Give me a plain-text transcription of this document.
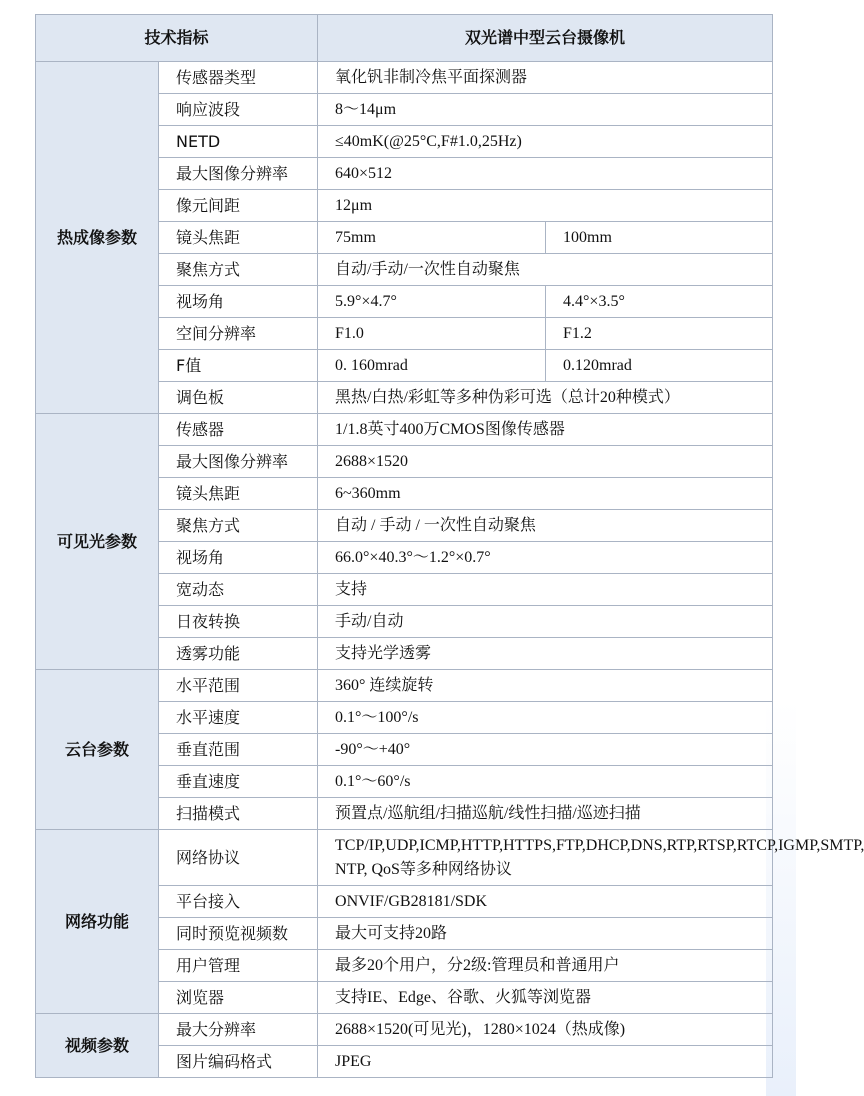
技术指标		双光谱中型云台摄像机	
热成像参数	传感器类型	氧化钒非制冷焦平面探测器	
	响应波段	8～14μm	
	NETD	≤40mK(@25°C,F#1.0,25Hz)	
	最大图像分辨率	640×512	
	像元间距	12μm	
	镜头焦距	75mm	100mm
	聚焦方式	自动/手动/一次性自动聚焦	
	视场角	5.9°×4.7°	4.4°×3.5°
	空间分辨率	F1.0	F1.2
	F值	0. 160mrad	0.120mrad
	调色板	黑热/白热/彩虹等多种伪彩可选（总计20种模式）	
可见光参数	传感器	1/1.8英寸400万CMOS图像传感器	
	最大图像分辨率	2688×1520	
	镜头焦距	6~360mm	
	聚焦方式	自动 / 手动 / 一次性自动聚焦	
	视场角	66.0°×40.3°～1.2°×0.7°	
	宽动态	支持	
	日夜转换	手动/自动	
	透雾功能	支持光学透雾	
云台参数	水平范围	360° 连续旋转	
	水平速度	0.1°～100°/s	
	垂直范围	-90°～+40°	
	垂直速度	0.1°～60°/s	
	扫描模式	预置点/巡航组/扫描巡航/线性扫描/巡迹扫描	
网络功能	网络协议	TCP/IP,UDP,ICMP,HTTP,HTTPS,FTP,DHCP,DNS,RTP,RTSP,RTCP,IGMP,SMTP, NTP, QoS等多种网络协议	
	平台接入	ONVIF/GB28181/SDK	
	同时预览视频数	最大可支持20路	
	用户管理	最多20个用户，分2级:管理员和普通用户	
	浏览器	支持IE、Edge、谷歌、火狐等浏览器	
视频参数	最大分辨率	2688×1520(可见光)，1280×1024（热成像)	
	图片编码格式	JPEG	
